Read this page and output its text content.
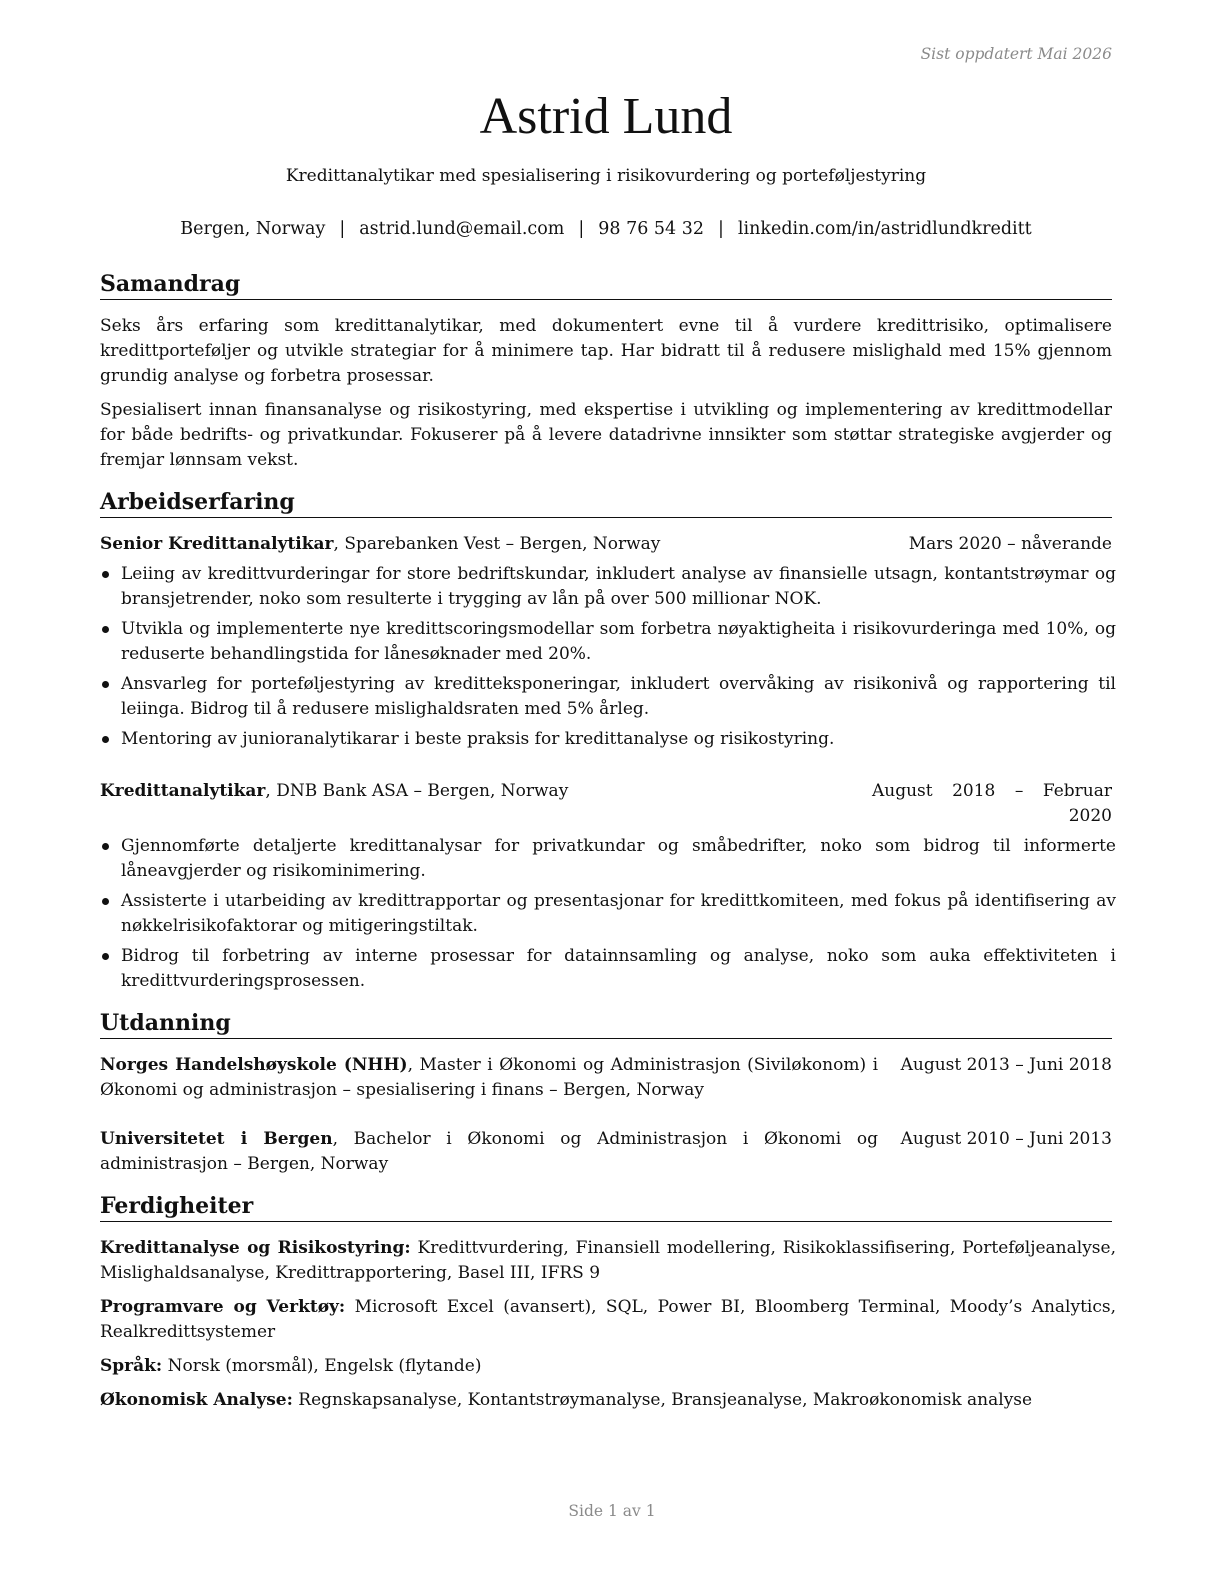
Sist oppdatert Mai 2026
Astrid Lund
Kredittanalytikar med spesialisering i risikovurdering og porteføljestyring
Bergen, Norway | astrid.lund@email.com | 98 76 54 32 | linkedin.com/in/astridlundkreditt
Samandrag

Seks års erfaring som kredittanalytikar, med dokumentert evne til å vurdere kredittrisiko, optimalisere kredittporteføljer og utvikle strategiar for å minimere tap. Har bidratt til å redusere mislighald med 15% gjennom grundig analyse og forbetra prosessar.

Spesialisert innan finansanalyse og risikostyring, med ekspertise i utvikling og implementering av kredittmodellar for både bedrifts- og privatkundar. Fokuserer på å levere datadrivne innsikter som støttar strategiske avgjerder og fremjar lønnsam vekst.

Arbeidserfaring
Senior Kredittanalytikar, Sparebanken Vest – Bergen, Norway	Mars 2020 – nåverande
Leiing av kredittvurderingar for store bedriftskundar, inkludert analyse av finansielle utsagn, kontantstrøymar og bransjetrender, noko som resulterte i trygging av lån på over 500 millionar NOK.
Utvikla og implementerte nye kredittscoringsmodellar som forbetra nøyaktigheita i risikovurderinga med 10%, og reduserte behandlingstida for lånesøknader med 20%.
Ansvarleg for porteføljestyring av kreditteksponeringar, inkludert overvåking av risikonivå og rapportering til leiinga. Bidrog til å redusere mislighaldsraten med 5% årleg.
Mentoring av junioranalytikarar i beste praksis for kredittanalyse og risikostyring.
Kredittanalytikar, DNB Bank ASA – Bergen, Norway	August 2018 – Februar 2020
Gjennomførte detaljerte kredittanalysar for privatkundar og småbedrifter, noko som bidrog til informerte låneavgjerder og risikominimering.
Assisterte i utarbeiding av kredittrapportar og presentasjonar for kredittkomiteen, med fokus på identifisering av nøkkelrisikofaktorar og mitigeringstiltak.
Bidrog til forbetring av interne prosessar for datainnsamling og analyse, noko som auka effektiviteten i kredittvurderingsprosessen.
Utdanning
Norges Handelshøyskole (NHH), Master i Økonomi og Administrasjon (Siviløkonom) i Økonomi og administrasjon – spesialisering i finans – Bergen, Norway
August 2013 – Juni 2018
Universitetet i Bergen, Bachelor i Økonomi og Administrasjon i Økonomi og administrasjon – Bergen, Norway
August 2010 – Juni 2013
Ferdigheiter
Kredittanalyse og Risikostyring: Kredittvurdering, Finansiell modellering, Risikoklassifisering, Porteføljeanalyse, Mislighaldsanalyse, Kredittrapportering, Basel III, IFRS 9
Programvare og Verktøy: Microsoft Excel (avansert), SQL, Power BI, Bloomberg Terminal, Moody’s Analytics, Realkredittsystemer
Språk: Norsk (morsmål), Engelsk (flytande)
Økonomisk Analyse: Regnskapsanalyse, Kontantstrøymanalyse, Bransjeanalyse, Makroøkonomisk analyse
Side 1 av 1
